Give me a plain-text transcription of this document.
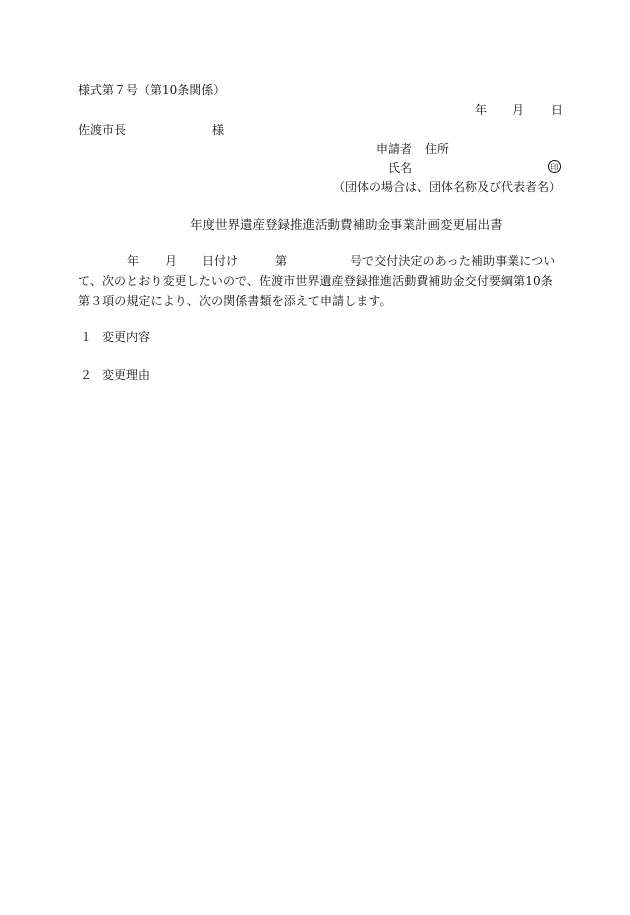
様式第７号（第10条関係）
年 月 日
佐渡市長	様
申請者 住所
氏名	印
（団体の場合は、団体名称及び代表者名）
年度世界遺産登録推進活動費補助金事業計画変更届出書
年 月 日付け	第	号で交付決定のあった補助事業につい
て、次のとおり変更したいので、佐渡市世界遺産登録推進活動費補助金交付要綱第10条
第３項の規定により、次の関係書類を添えて申請します。
１ 変更内容
２ 変更理由
